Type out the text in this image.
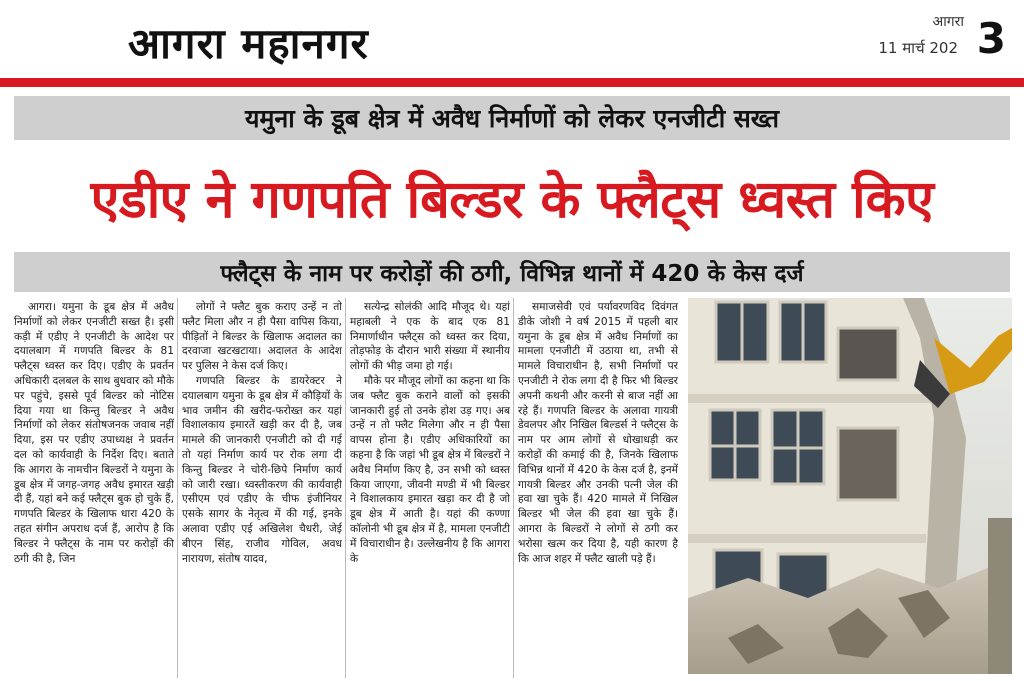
आगरा महानगर	आगरा
11 मार्च 202 3
यमुना के डूब क्षेत्र में अवैध निर्माणों को लेकर एनजीटी सख्त
एडीए ने गणपति बिल्डर के फ्लैट्स ध्वस्त किए
फ्लैट्स के नाम पर करोड़ों की ठगी, विभिन्न थानों में 420 के केस दर्ज

आगरा। यमुना के डूब क्षेत्र में अवैध निर्माणों को लेकर एनजीटी सख्त है। इसी कड़ी में एडीए ने एनजीटी के आदेश पर दयालबाग में गणपति बिल्डर के 81 फ्लैट्स ध्वस्त कर दिए। एडीए के प्रवर्तन अधिकारी दलबल के साथ बुधवार को मौके पर पहुंचे, इससे पूर्व बिल्डर को नोटिस दिया गया था किन्तु बिल्डर ने अवैध निर्माणों को लेकर संतोषजनक जवाब नहीं दिया, इस पर एडीए उपाध्यक्ष ने प्रवर्तन दल को कार्यवाही के निर्देश दिए। बताते कि आगरा के नामचीन बिल्डरों ने यमुना के डूब क्षेत्र में जगह-जगह अवैध इमारत खड़ी दी हैं, यहां बने कई फ्लैट्स बुक हो चुके हैं, गणपति बिल्डर के खिलाफ धारा 420 के तहत संगीन अपराध दर्ज हैं, आरोप है कि बिल्डर ने फ्लैट्स के नाम पर करोड़ों की ठगी की है, जिन

लोगों ने फ्लैट बुक कराए उन्हें न तो फ्लैट मिला और न ही पैसा वापिस किया, पीड़ितों ने बिल्डर के खिलाफ अदालत का दरवाजा खटखटाया। अदालत के आदेश पर पुलिस ने केस दर्ज किए।

गणपति बिल्डर के डायरेक्टर ने दयालबाग यमुना के डूब क्षेत्र में कौड़ियों के भाव जमीन की खरीद-फरोख्त कर यहां विशालकाय इमारतें खड़ी कर दी है, जब मामले की जानकारी एनजीटी को दी गई तो यहां निर्माण कार्य पर रोक लगा दी किन्तु बिल्डर ने चोरी-छिपे निर्माण कार्य को जारी रखा। ध्वस्तीकरण की कार्यवाही एसीएम एवं एडीए के चीफ इंजीनियर एसके सागर के नेतृत्व में की गई, इनके अलावा एडीए एई अखिलेश चैधरी, जेई बीएन सिंह, राजीव गोविल, अवध नारायण, संतोष यादव,

सत्येन्द्र सोलंकी आदि मौजूद थे। यहां महाबली ने एक के बाद एक 81 निमार्णाधीन फ्लैट्स को ध्वस्त कर दिया, तोड़फोड़ के दौरान भारी संख्या में स्थानीय लोगों की भीड़ जमा हो गई।

मौके पर मौजूद लोगों का कहना था कि जब फ्लैट बुक कराने वालों को इसकी जानकारी हुई तो उनके होश उड़ गए। अब उन्हें न तो फ्लैट मिलेगा और न ही पैसा वापस होना है। एडीए अधिकारियों का कहना है कि जहां भी डूब क्षेत्र में बिल्डरों ने अवैध निर्माण किए है, उन सभी को ध्वस्त किया जाएगा, जीवनी मण्डी में भी बिल्डर ने विशालकाय इमारत खड़ा कर दी है जो डूब क्षेत्र में आती है। यहां की कण्णा कॉलोनी भी डूब क्षेत्र में है, मामला एनजीटी में विचाराधीन है। उल्लेखनीय है कि आगरा के

समाजसेवी एवं पर्यावरणविद दिवंगत डीके जोशी ने वर्ष 2015 में पहली बार यमुना के डूब क्षेत्र में अवैध निर्माणों का मामला एनजीटी में उठाया था, तभी से मामले विचाराधीन है, सभी निर्माणों पर एनजीटी ने रोक लगा दी है फिर भी बिल्डर अपनी कथनी और करनी से बाज नहीं आ रहे हैं। गणपति बिल्डर के अलावा गायत्री डेवलपर और निखिल बिल्डर्स ने फ्लैट्स के नाम पर आम लोगों से धोखाधड़ी कर करोड़ों की कमाई की है, जिनके खिलाफ विभिन्न थानों में 420 के केस दर्ज है, इनमें गायत्री बिल्डर और उनकी पत्नी जेल की हवा खा चुके हैं। 420 मामले में निखिल बिल्डर भी जेल की हवा खा चुके हैं। आगरा के बिल्डरों ने लोगों से ठगी कर भरोसा खत्म कर दिया है, यही कारण है कि आज शहर में फ्लैट खाली पड़े हैं।
